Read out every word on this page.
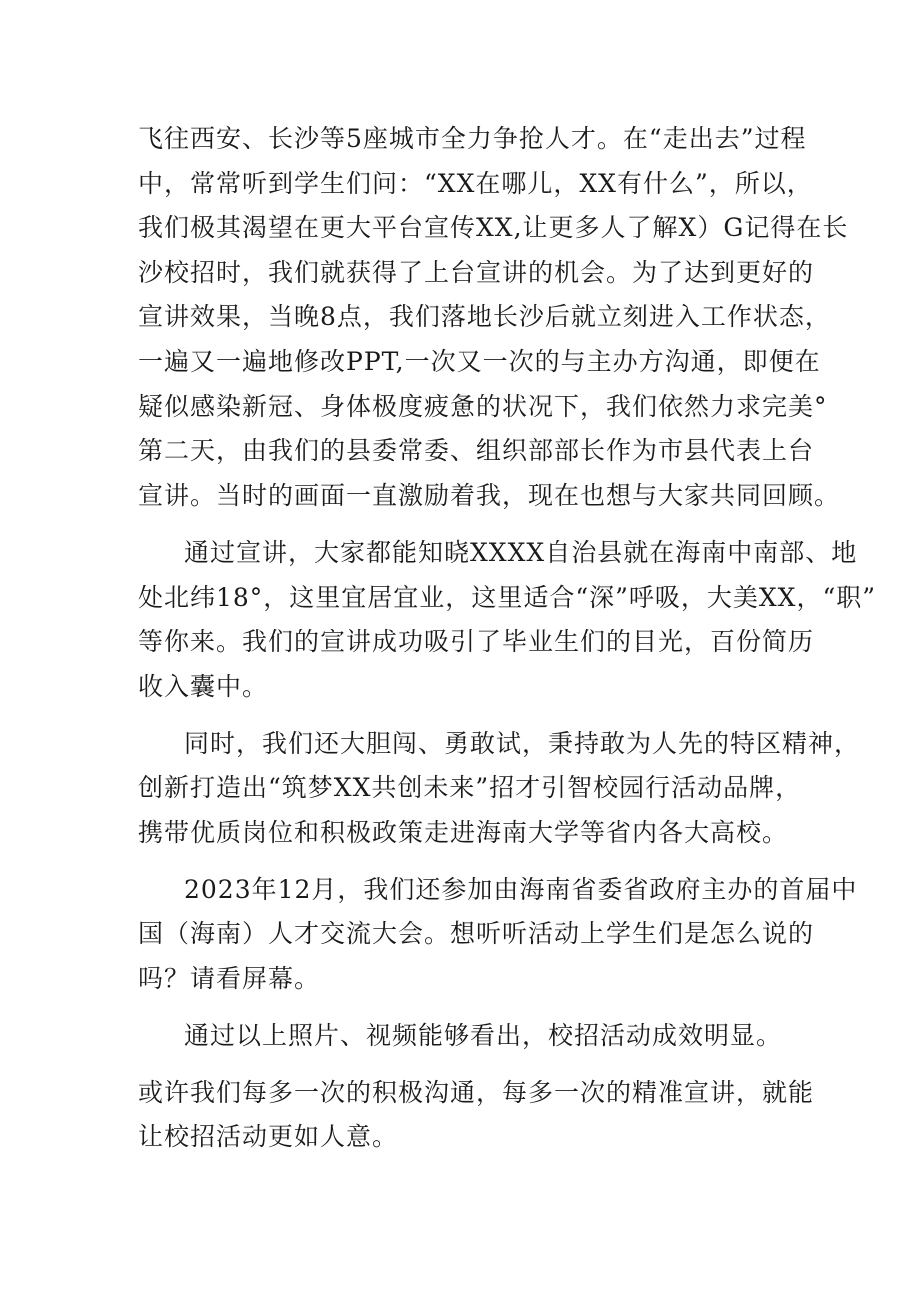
飞往西安、长沙等5座城市全力争抢人才。在“走出去”过程
中，常常听到学生们问：“XX在哪儿，XX有什么”，所以，
我们极其渴望在更大平台宣传XX,让更多人了解X）G记得在长
沙校招时，我们就获得了上台宣讲的机会。为了达到更好的
宣讲效果，当晚8点，我们落地长沙后就立刻进入工作状态，
一遍又一遍地修改PPT,一次又一次的与主办方沟通，即便在
疑似感染新冠、身体极度疲惫的状况下，我们依然力求完美°
第二天，由我们的县委常委、组织部部长作为市县代表上台
宣讲。当时的画面一直激励着我，现在也想与大家共同回顾。
通过宣讲，大家都能知晓XXXX自治县就在海南中南部、地
处北纬18°，这里宜居宜业，这里适合“深”呼吸，大美XX，“职”
等你来。我们的宣讲成功吸引了毕业生们的目光，百份简历
收入囊中。
同时，我们还大胆闯、勇敢试，秉持敢为人先的特区精神，
创新打造出“筑梦XX共创未来”招才引智校园行活动品牌，
携带优质岗位和积极政策走进海南大学等省内各大高校。
2023年12月，我们还参加由海南省委省政府主办的首届中
国（海南）人才交流大会。想听听活动上学生们是怎么说的
吗？请看屏幕。
通过以上照片、视频能够看出，校招活动成效明显。
或许我们每多一次的积极沟通，每多一次的精准宣讲，就能
让校招活动更如人意。
